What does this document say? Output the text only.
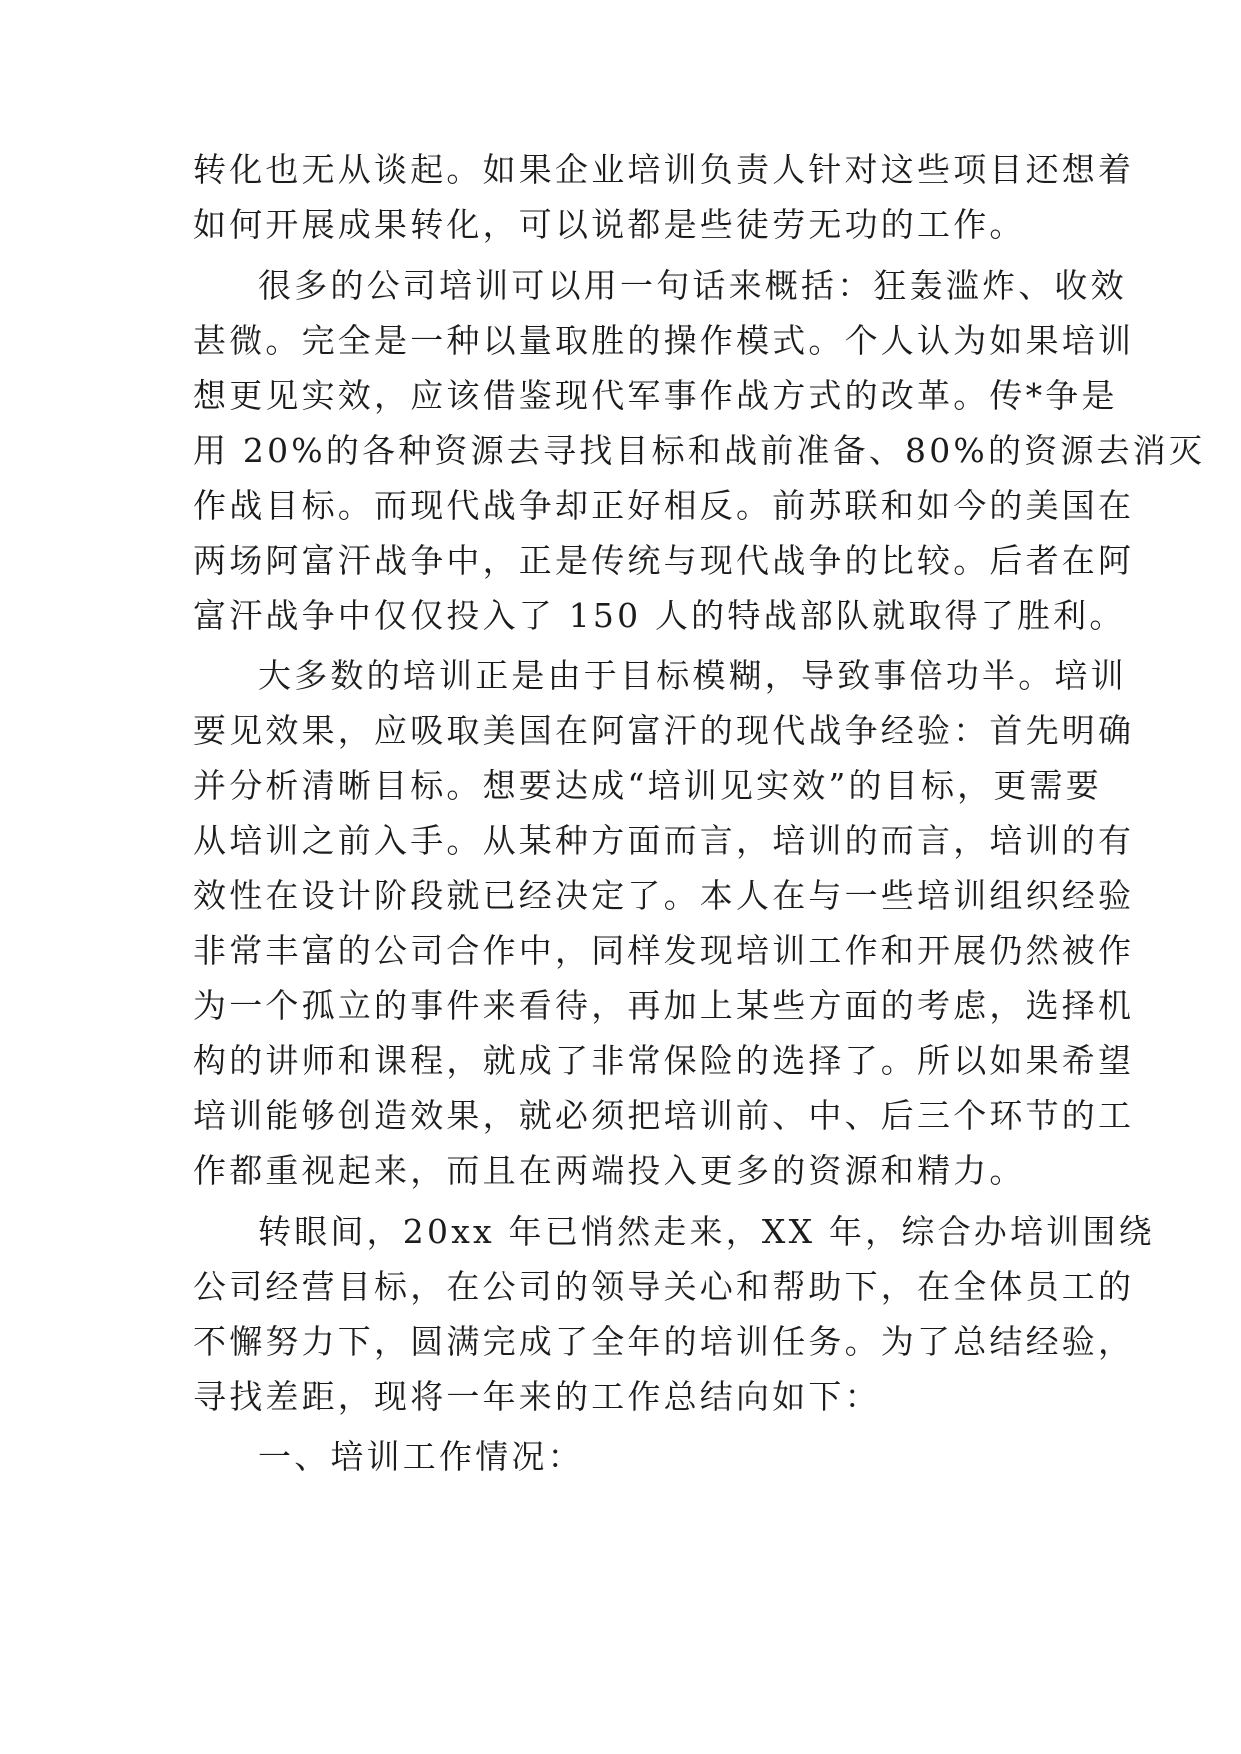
转化也无从谈起。如果企业培训负责人针对这些项目还想着
如何开展成果转化，可以说都是些徒劳无功的工作。
很多的公司培训可以用一句话来概括：狂轰滥炸、收效
甚微。完全是一种以量取胜的操作模式。个人认为如果培训
想更见实效，应该借鉴现代军事作战方式的改革。传*争是
用 20%的各种资源去寻找目标和战前准备、80%的资源去消灭
作战目标。而现代战争却正好相反。前苏联和如今的美国在
两场阿富汗战争中，正是传统与现代战争的比较。后者在阿
富汗战争中仅仅投入了 150 人的特战部队就取得了胜利。
大多数的培训正是由于目标模糊，导致事倍功半。培训
要见效果，应吸取美国在阿富汗的现代战争经验：首先明确
并分析清晰目标。想要达成“培训见实效”的目标，更需要
从培训之前入手。从某种方面而言，培训的而言，培训的有
效性在设计阶段就已经决定了。本人在与一些培训组织经验
非常丰富的公司合作中，同样发现培训工作和开展仍然被作
为一个孤立的事件来看待，再加上某些方面的考虑，选择机
构的讲师和课程，就成了非常保险的选择了。所以如果希望
培训能够创造效果，就必须把培训前、中、后三个环节的工
作都重视起来，而且在两端投入更多的资源和精力。
转眼间，20xx 年已悄然走来，XX 年，综合办培训围绕
公司经营目标，在公司的领导关心和帮助下，在全体员工的
不懈努力下，圆满完成了全年的培训任务。为了总结经验，
寻找差距，现将一年来的工作总结向如下：
一、培训工作情况：
